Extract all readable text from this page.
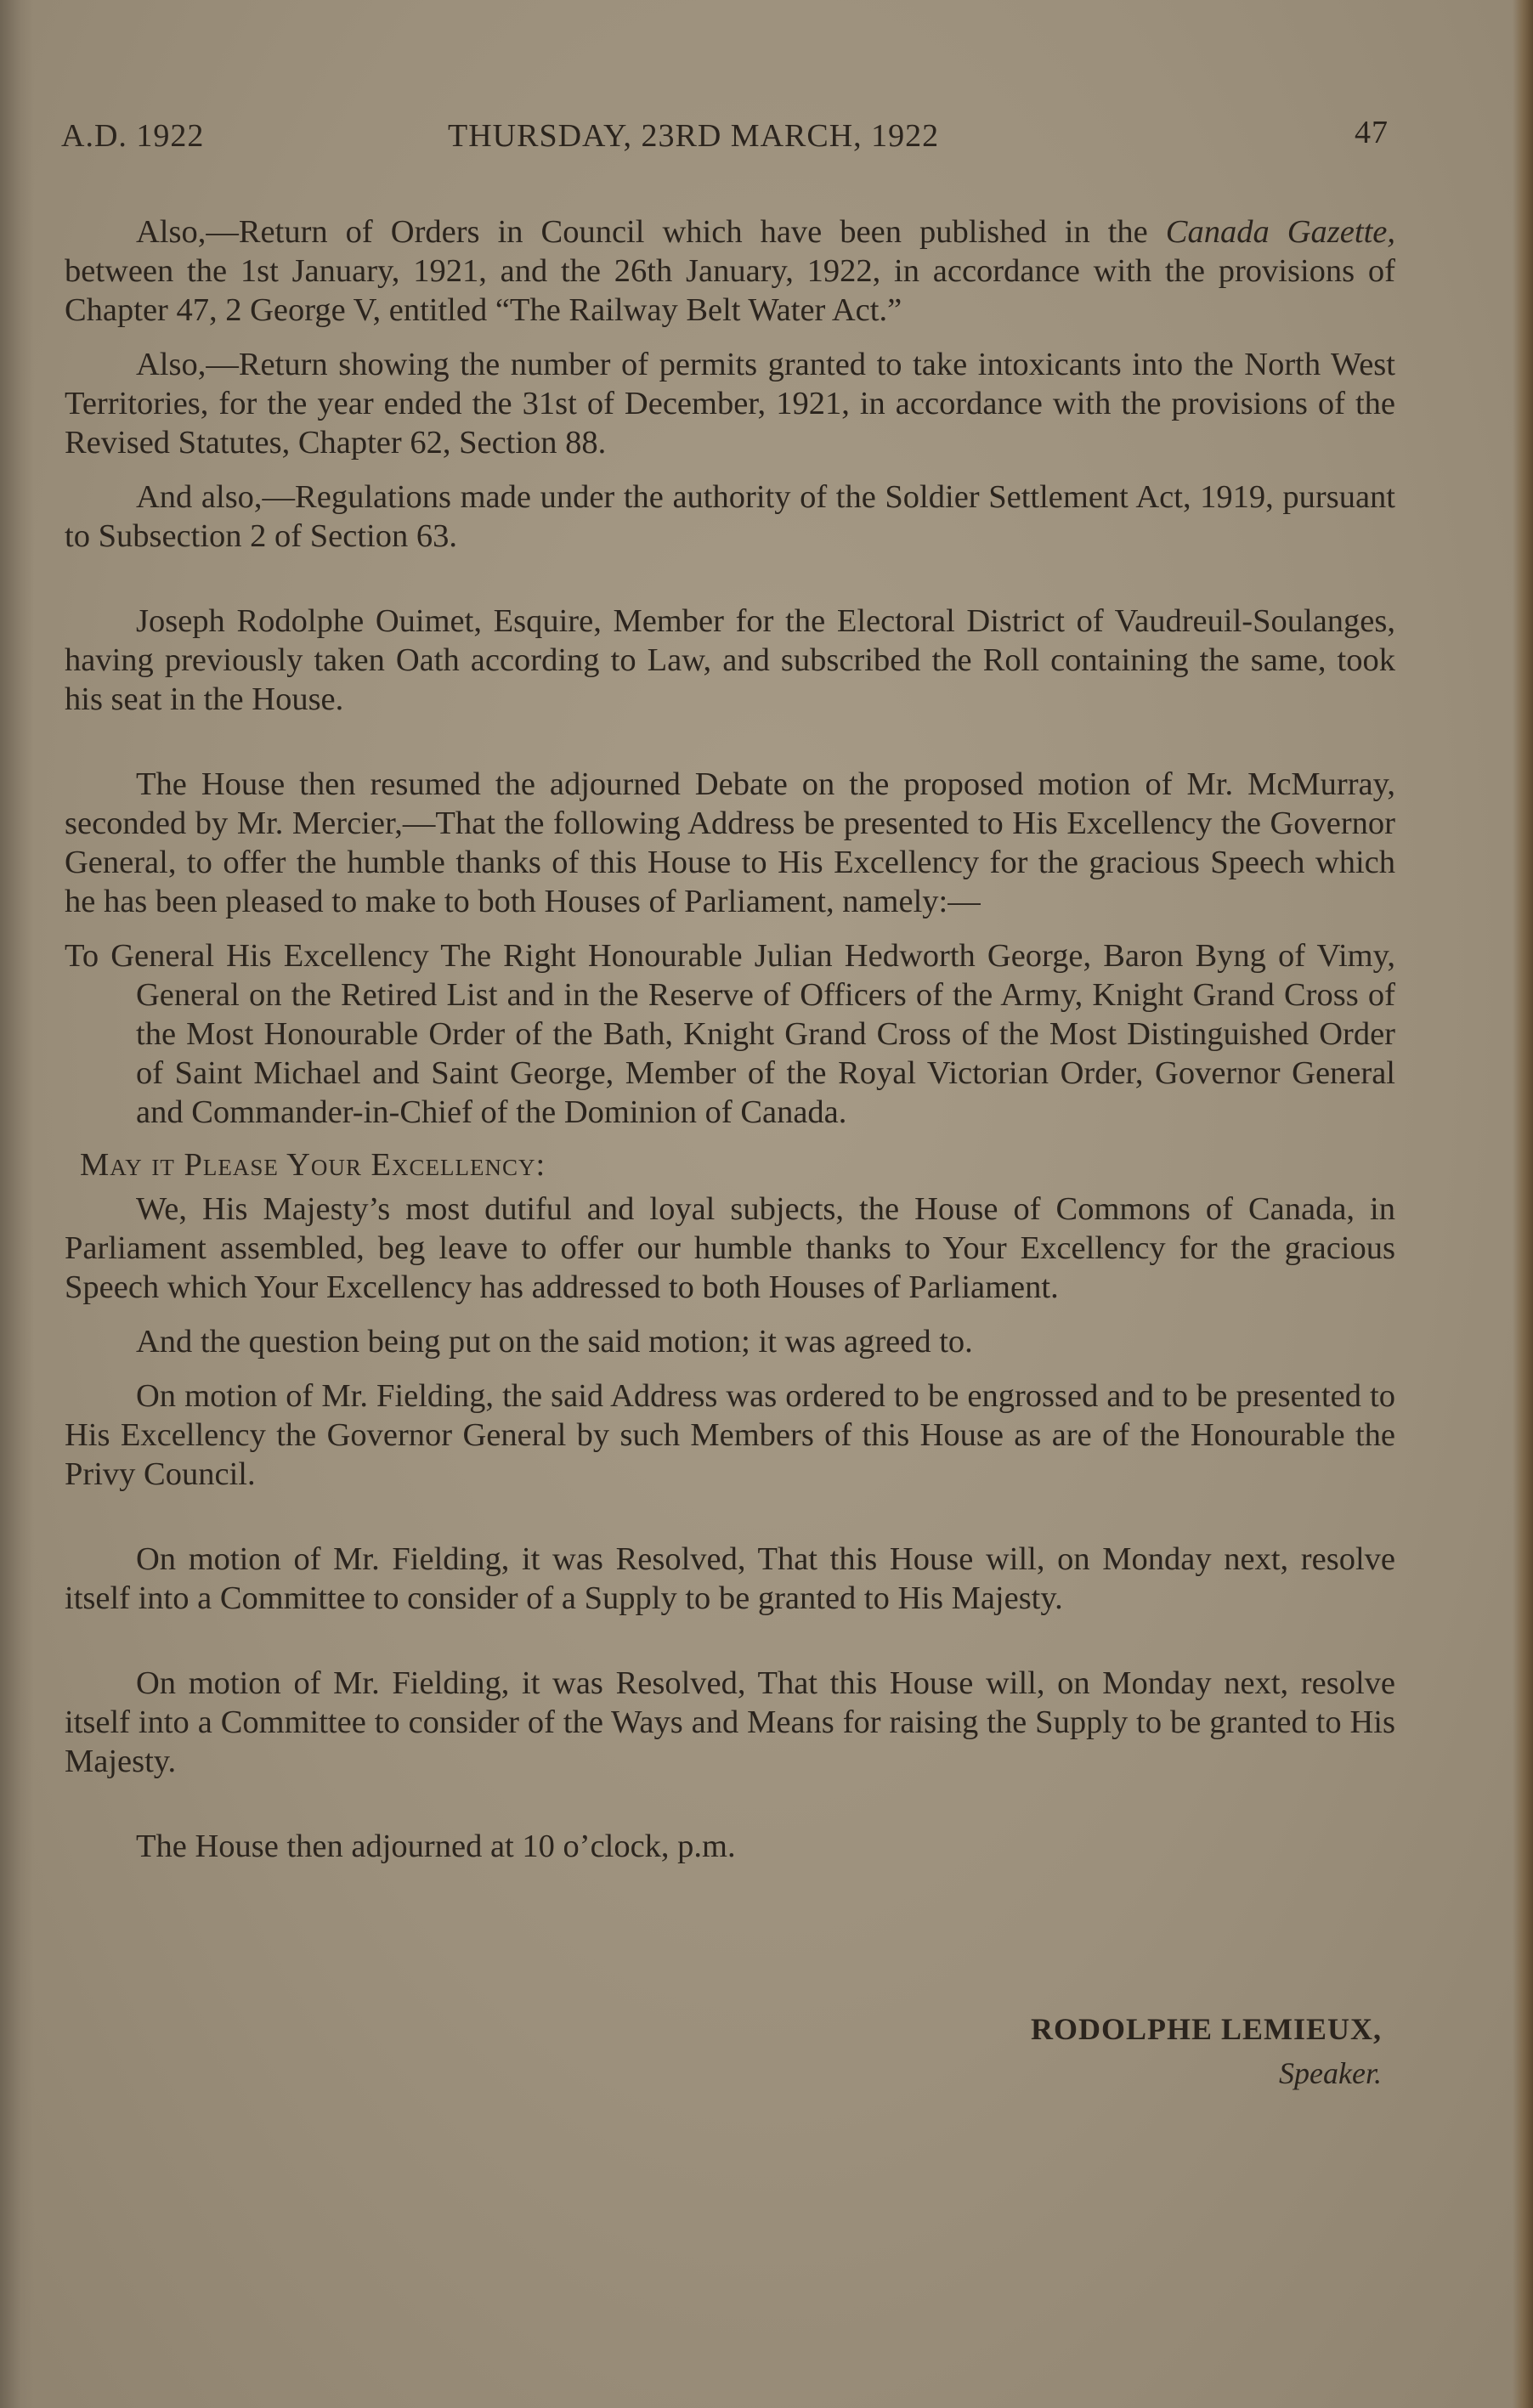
A.D. 1922	THURSDAY, 23RD MARCH, 1922	47

Also,—Return of Orders in Council which have been published in the Canada Gazette, between the 1st January, 1921, and the 26th January, 1922, in accordance with the provisions of Chapter 47, 2 George V, entitled “The Railway Belt Water Act.”

Also,—Return showing the number of permits granted to take intoxicants into the North West Territories, for the year ended the 31st of December, 1921, in accordance with the provisions of the Revised Statutes, Chapter 62, Section 88.

And also,—Regulations made under the authority of the Soldier Settlement Act, 1919, pursuant to Subsection 2 of Section 63.

Joseph Rodolphe Ouimet, Esquire, Member for the Electoral District of Vaudreuil-Soulanges, having previously taken Oath according to Law, and subscribed the Roll containing the same, took his seat in the House.

The House then resumed the adjourned Debate on the proposed motion of Mr. McMurray, seconded by Mr. Mercier,—That the following Address be presented to His Excellency the Governor General, to offer the humble thanks of this House to His Excellency for the gracious Speech which he has been pleased to make to both Houses of Parliament, namely:—

To General His Excellency The Right Honourable Julian Hedworth George, Baron Byng of Vimy, General on the Retired List and in the Reserve of Officers of the Army, Knight Grand Cross of the Most Honourable Order of the Bath, Knight Grand Cross of the Most Distinguished Order of Saint Michael and Saint George, Member of the Royal Victorian Order, Governor General and Commander-in-Chief of the Dominion of Canada.
May it Please Your Excellency:

We, His Majesty’s most dutiful and loyal subjects, the House of Commons of Canada, in Parliament assembled, beg leave to offer our humble thanks to Your Excellency for the gracious Speech which Your Excellency has addressed to both Houses of Parliament.

And the question being put on the said motion; it was agreed to.

On motion of Mr. Fielding, the said Address was ordered to be engrossed and to be presented to His Excellency the Governor General by such Members of this House as are of the Honourable the Privy Council.

On motion of Mr. Fielding, it was Resolved, That this House will, on Monday next, resolve itself into a Committee to consider of a Supply to be granted to His Majesty.

On motion of Mr. Fielding, it was Resolved, That this House will, on Monday next, resolve itself into a Committee to consider of the Ways and Means for raising the Supply to be granted to His Majesty.

The House then adjourned at 10 o’clock, p.m.

RODOLPHE LEMIEUX,
Speaker.
